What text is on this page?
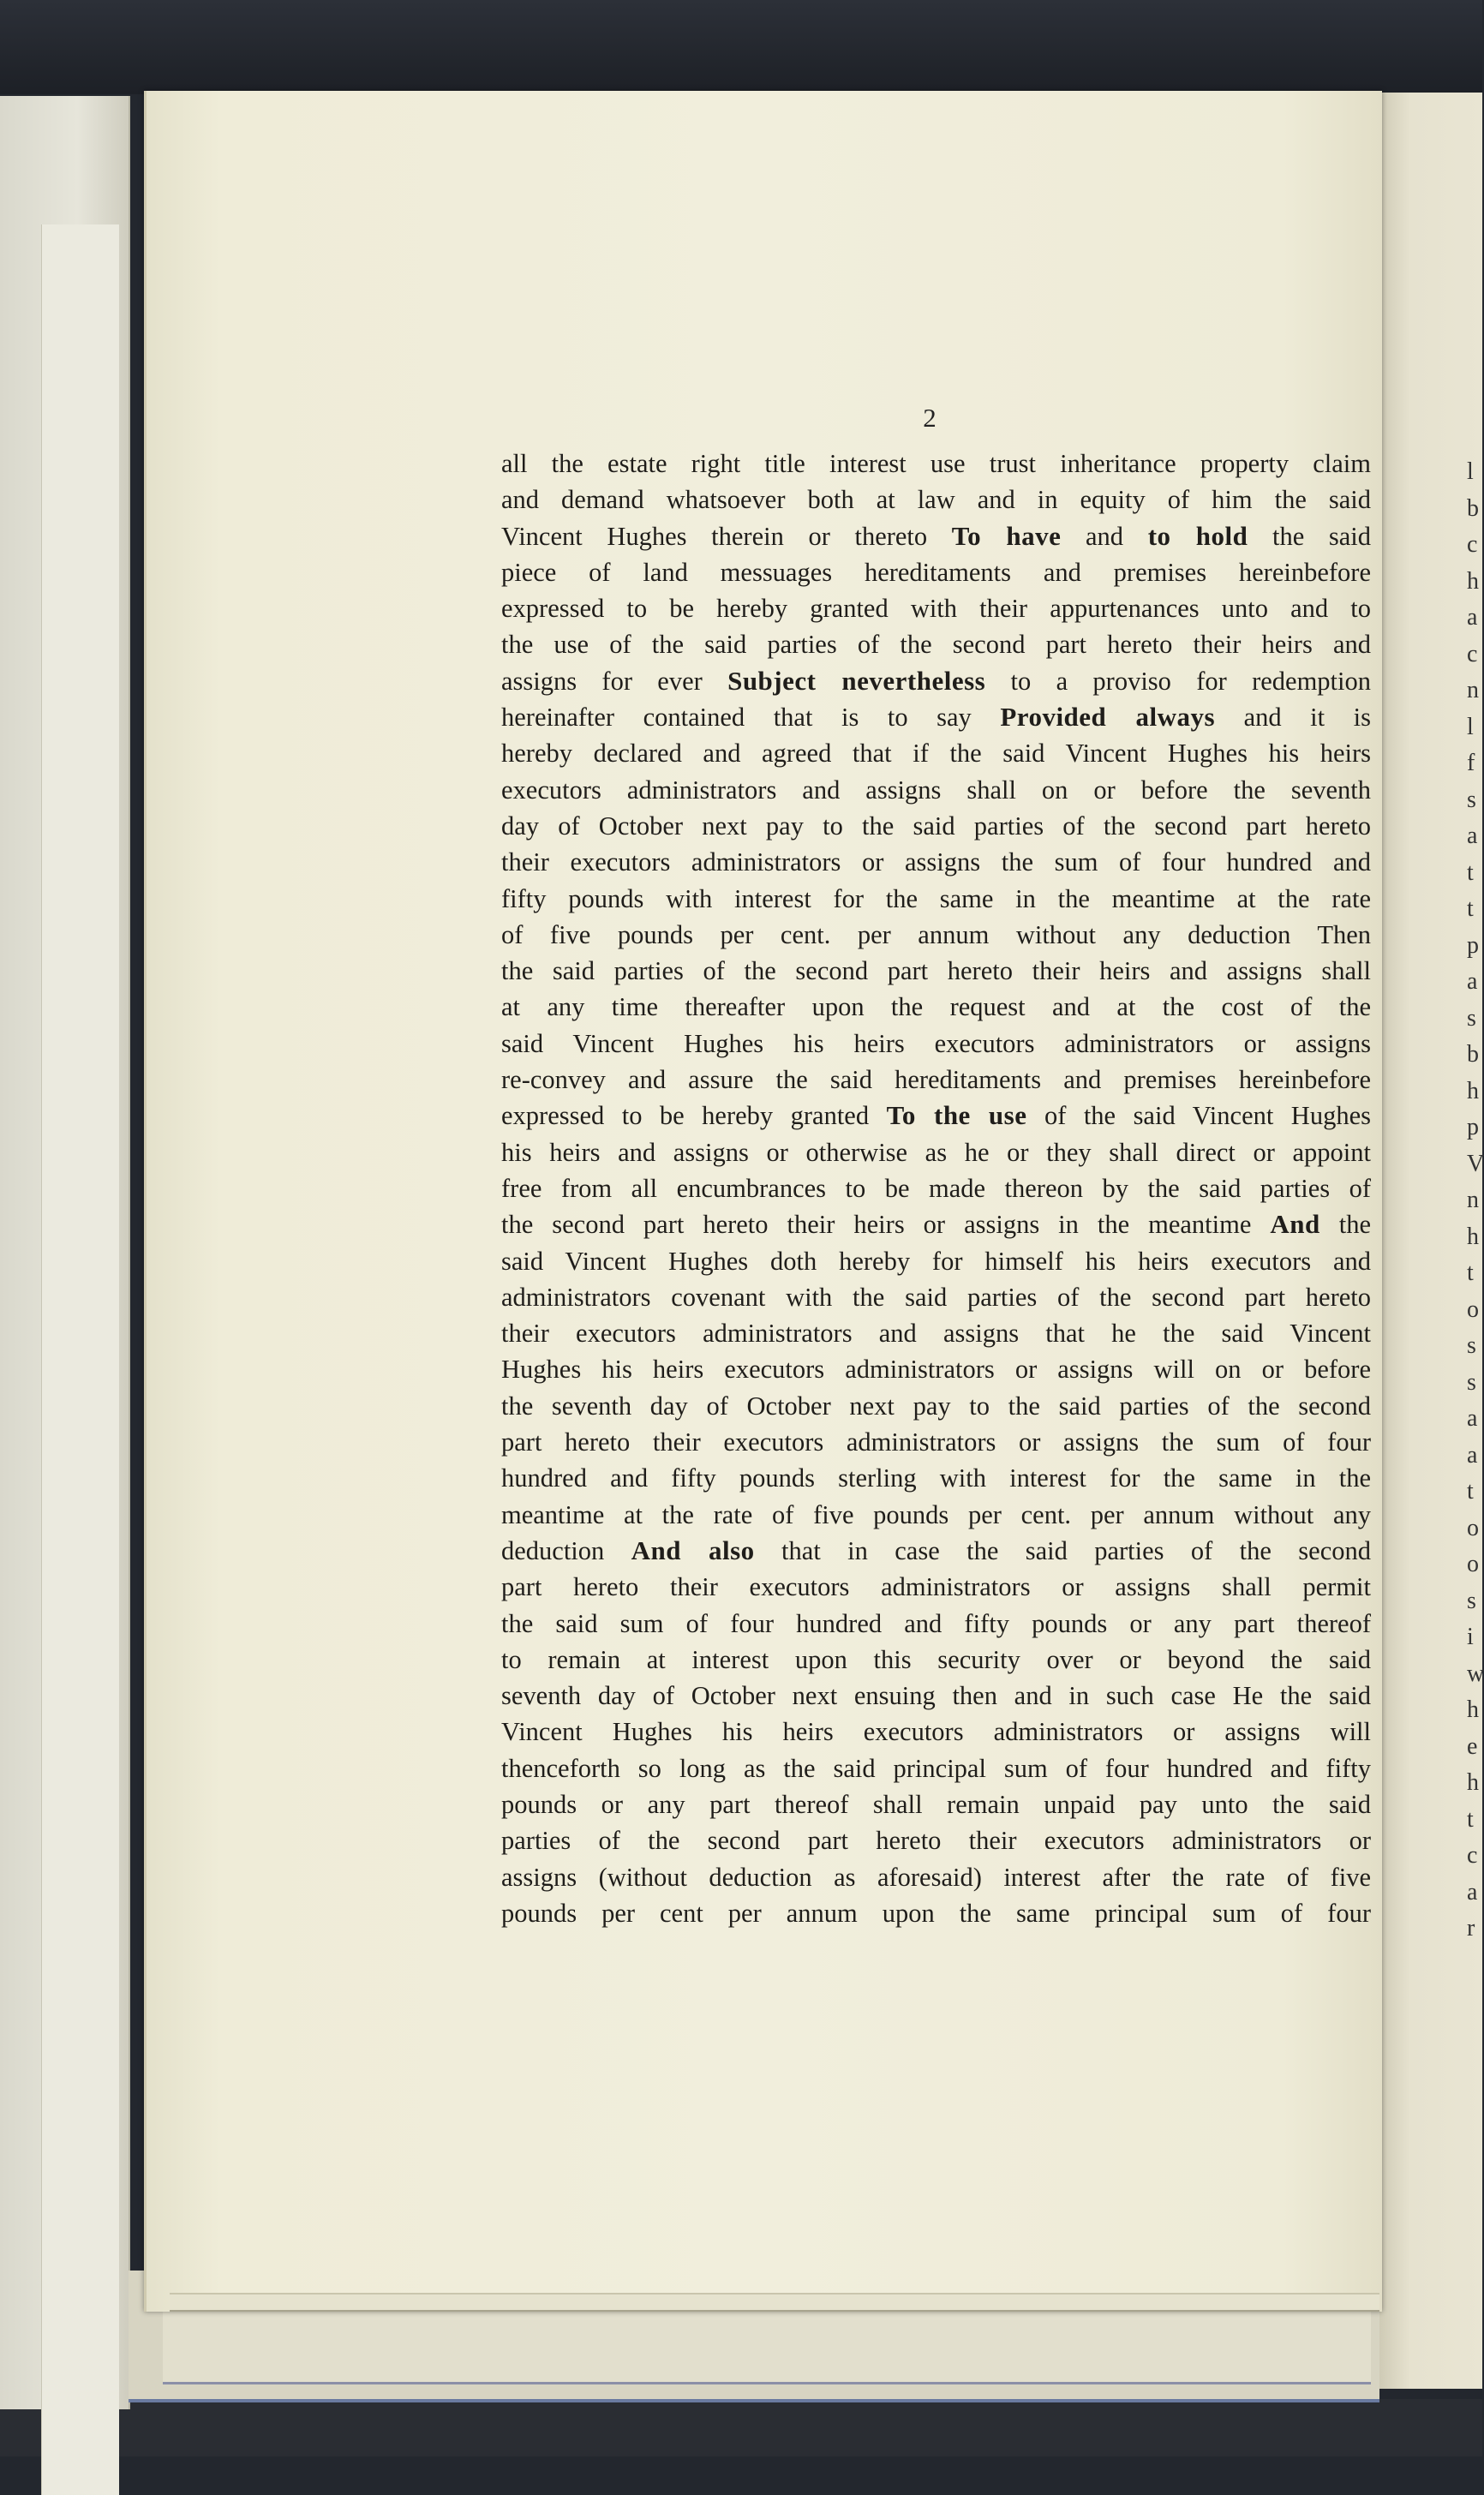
l
b
c
h
a
c
n
l
f
s
a
t
t
p
a
s
b
h
p
V
n
h
t
o
s
s
a
a
t
o
o
s
i
w
h
e
h
t
c
a
r
2
all the estate right title interest use trust inheritance property claim
and demand whatsoever both at law and in equity of him the said
Vincent Hughes therein or thereto To have and to hold the said
piece of land messuages hereditaments and premises hereinbefore
expressed to be hereby granted with their appurtenances unto and to
the use of the said parties of the second part hereto their heirs and
assigns for ever Subject nevertheless to a proviso for redemption
hereinafter contained that is to say Provided always and it is
hereby declared and agreed that if the said Vincent Hughes his heirs
executors administrators and assigns shall on or before the seventh
day of October next pay to the said parties of the second part hereto
their executors administrators or assigns the sum of four hundred and
fifty pounds with interest for the same in the meantime at the rate
of five pounds per cent. per annum without any deduction Then
the said parties of the second part hereto their heirs and assigns shall
at any time thereafter upon the request and at the cost of the
said Vincent Hughes his heirs executors administrators or assigns
re-convey and assure the said hereditaments and premises hereinbefore
expressed to be hereby granted To the use of the said Vincent Hughes
his heirs and assigns or otherwise as he or they shall direct or appoint
free from all encumbrances to be made thereon by the said parties of
the second part hereto their heirs or assigns in the meantime And the
said Vincent Hughes doth hereby for himself his heirs executors and
administrators covenant with the said parties of the second part hereto
their executors administrators and assigns that he the said Vincent
Hughes his heirs executors administrators or assigns will on or before
the seventh day of October next pay to the said parties of the second
part hereto their executors administrators or assigns the sum of four
hundred and fifty pounds sterling with interest for the same in the
meantime at the rate of five pounds per cent. per annum without any
deduction And also that in case the said parties of the second
part hereto their executors administrators or assigns shall permit
the said sum of four hundred and fifty pounds or any part thereof
to remain at interest upon this security over or beyond the said
seventh day of October next ensuing then and in such case He the said
Vincent Hughes his heirs executors administrators or assigns will
thenceforth so long as the said principal sum of four hundred and fifty
pounds or any part thereof shall remain unpaid pay unto the said
parties of the second part hereto their executors administrators or
assigns (without deduction as aforesaid) interest after the rate of five
pounds per cent per annum upon the same principal sum of four
